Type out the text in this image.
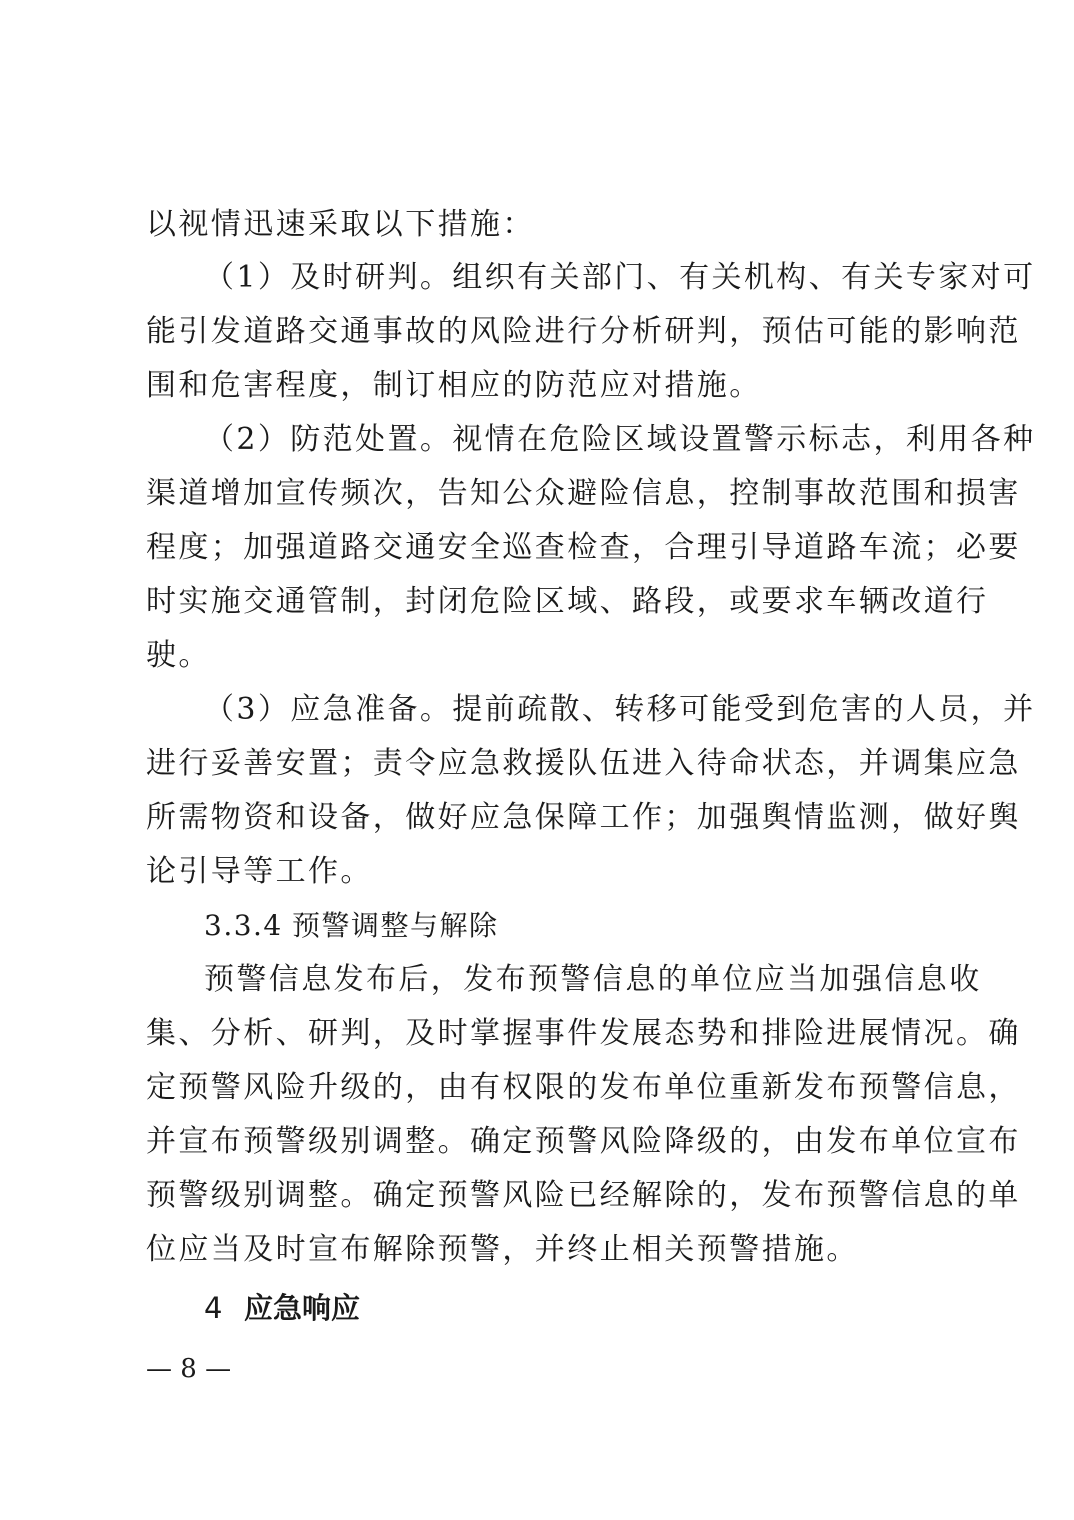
以视情迅速采取以下措施：
（1）及时研判。组织有关部门、有关机构、有关专家对可
能引发道路交通事故的风险进行分析研判，预估可能的影响范
围和危害程度，制订相应的防范应对措施。
（2）防范处置。视情在危险区域设置警示标志，利用各种
渠道增加宣传频次，告知公众避险信息，控制事故范围和损害
程度；加强道路交通安全巡查检查，合理引导道路车流；必要
时实施交通管制，封闭危险区域、路段，或要求车辆改道行
驶。
（3）应急准备。提前疏散、转移可能受到危害的人员，并
进行妥善安置；责令应急救援队伍进入待命状态，并调集应急
所需物资和设备，做好应急保障工作；加强舆情监测，做好舆
论引导等工作。
3.3.4 预警调整与解除
预警信息发布后，发布预警信息的单位应当加强信息收
集、分析、研判，及时掌握事件发展态势和排险进展情况。确
定预警风险升级的，由有权限的发布单位重新发布预警信息，
并宣布预警级别调整。确定预警风险降级的，由发布单位宣布
预警级别调整。确定预警风险已经解除的，发布预警信息的单
位应当及时宣布解除预警，并终止相关预警措施。
4 应急响应
— 8 —
